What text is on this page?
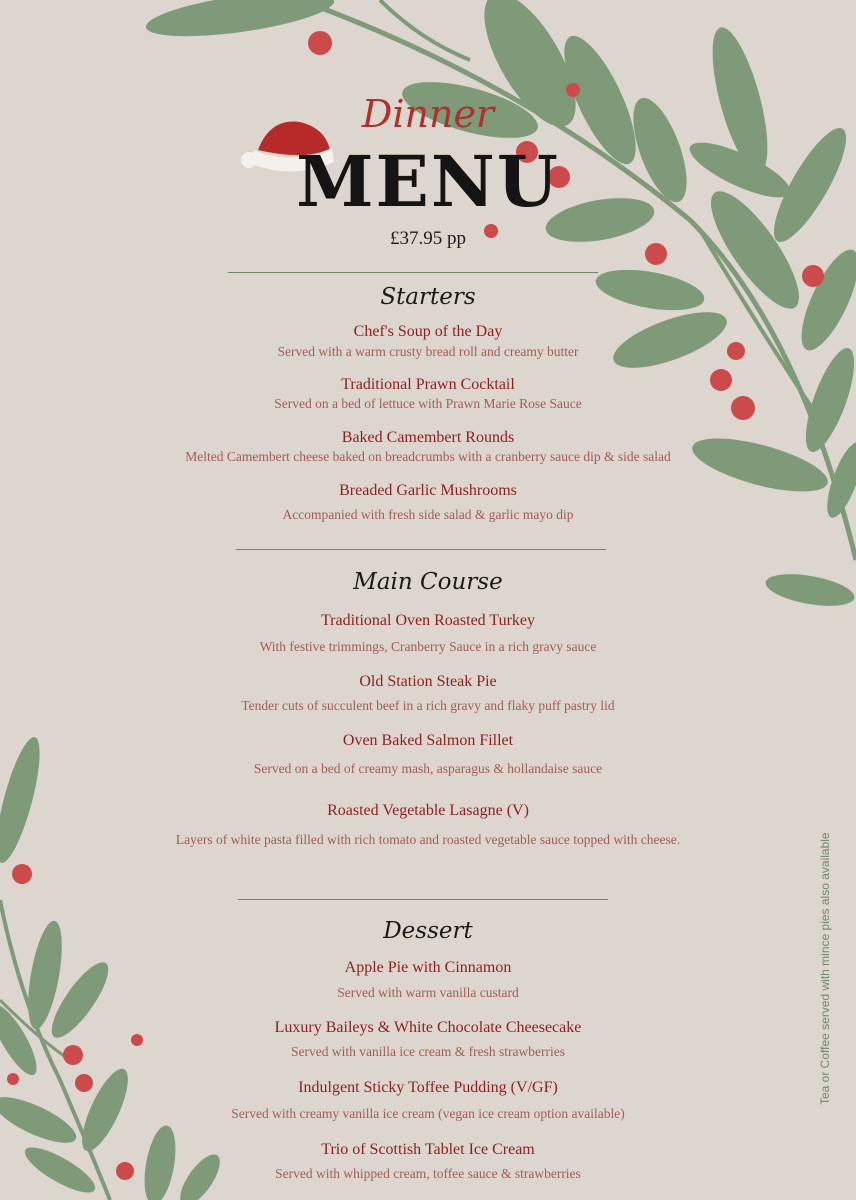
Dinner
MENU
£37.95 pp
Starters
Chef's Soup of the Day
Served with a warm crusty bread roll and creamy butter
Traditional Prawn Cocktail
Served on a bed of lettuce with Prawn Marie Rose Sauce
Baked Camembert Rounds
Melted Camembert cheese baked on breadcrumbs with a cranberry sauce dip & side salad
Breaded Garlic Mushrooms
Accompanied with fresh side salad & garlic mayo dip
Main Course
Traditional Oven Roasted Turkey
With festive trimmings, Cranberry Sauce in a rich gravy sauce
Old Station Steak Pie
Tender cuts of succulent beef in a rich gravy and flaky puff pastry lid
Oven Baked Salmon Fillet
Served on a bed of creamy mash, asparagus & hollandaise sauce
Roasted Vegetable Lasagne (V)
Layers of white pasta filled with rich tomato and roasted vegetable sauce topped with cheese.
Dessert
Apple Pie with Cinnamon
Served with warm vanilla custard
Luxury Baileys & White Chocolate Cheesecake
Served with vanilla ice cream & fresh strawberries
Indulgent Sticky Toffee Pudding (V/GF)
Served with creamy vanilla ice cream (vegan ice cream option available)
Trio of Scottish Tablet Ice Cream
Served with whipped cream, toffee sauce & strawberries
Tea or Coffee served with mince pies also available
